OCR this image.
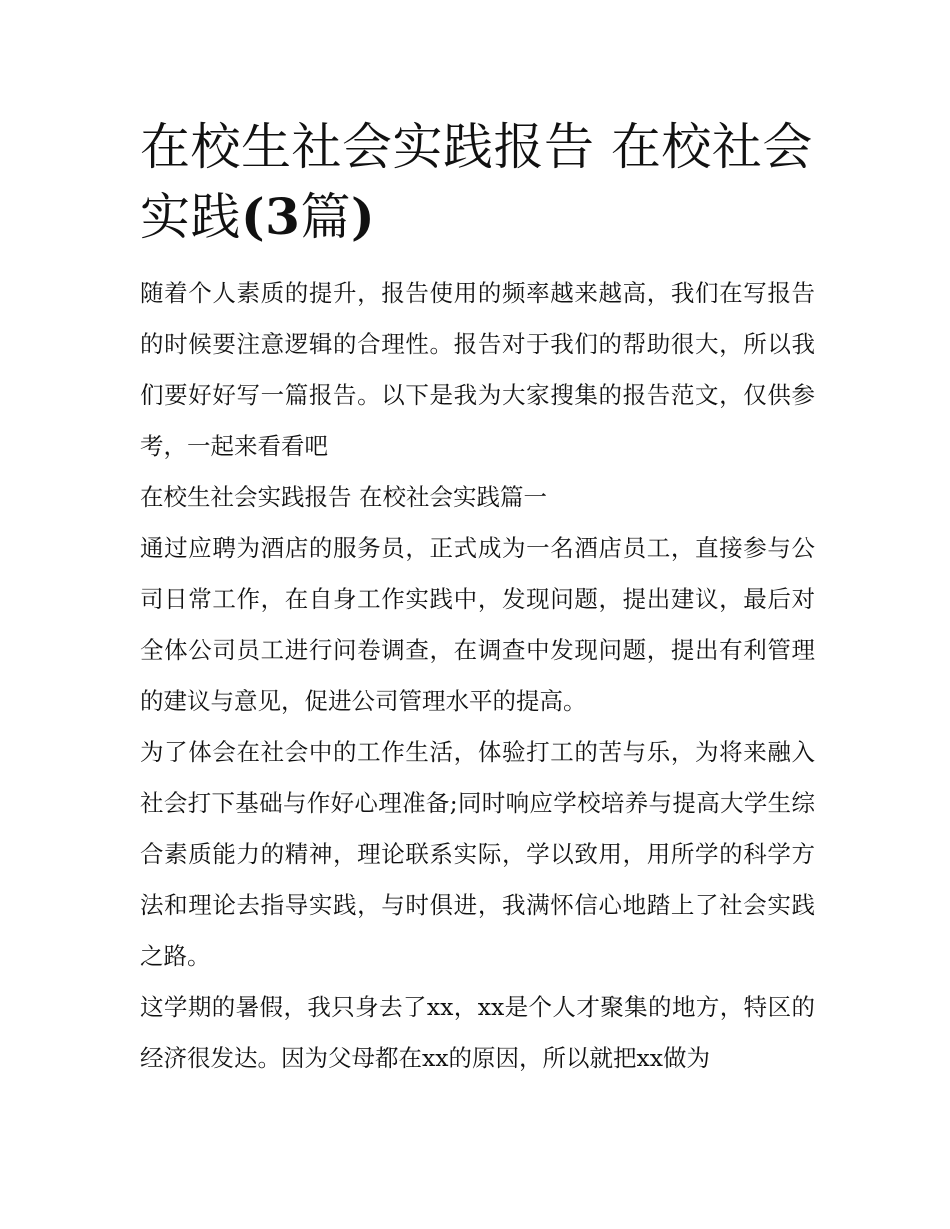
在校生社会实践报告 在校社会实践(3篇)

随着个人素质的提升，报告使用的频率越来越高，我们在写报告的时候要注意逻辑的合理性。报告对于我们的帮助很大，所以我们要好好写一篇报告。以下是我为大家搜集的报告范文，仅供参考，一起来看看吧

在校生社会实践报告 在校社会实践篇一

通过应聘为酒店的服务员，正式成为一名酒店员工，直接参与公司日常工作，在自身工作实践中，发现问题，提出建议，最后对全体公司员工进行问卷调查，在调查中发现问题，提出有利管理的建议与意见，促进公司管理水平的提高。

为了体会在社会中的工作生活，体验打工的苦与乐，为将来融入社会打下基础与作好心理准备;同时响应学校培养与提高大学生综合素质能力的精神，理论联系实际，学以致用，用所学的科学方法和理论去指导实践，与时俱进，我满怀信心地踏上了社会实践之路。

这学期的暑假，我只身去了xx，xx是个人才聚集的地方，特区的经济很发达。因为父母都在xx的原因，所以就把xx做为
